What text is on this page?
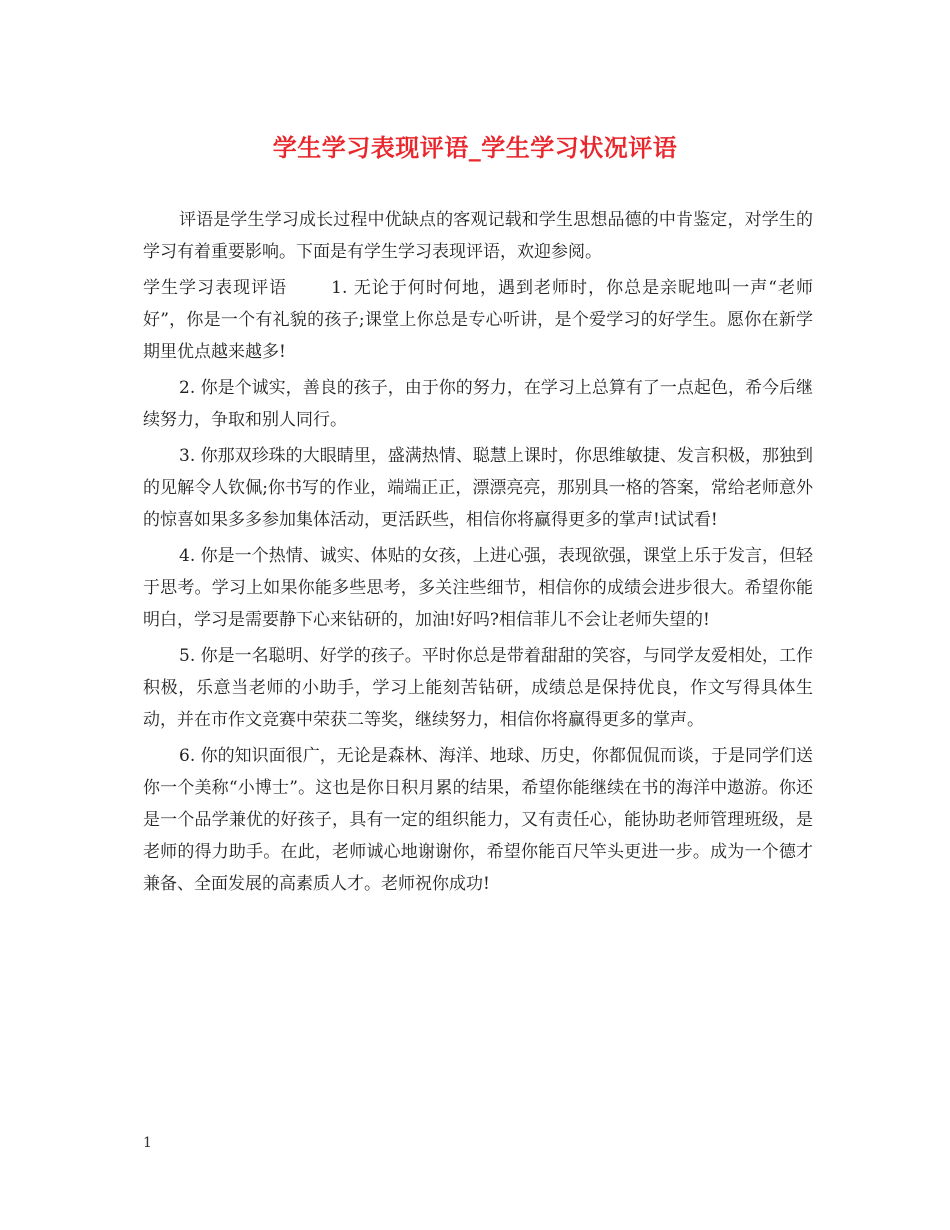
学生学习表现评语_学生学习状况评语

评语是学生学习成长过程中优缺点的客观记载和学生思想品德的中肯鉴定，对学生的学习有着重要影响。下面是有学生学习表现评语，欢迎参阅。

学生学习表现评语	1. 无论于何时何地，遇到老师时，你总是亲昵地叫一声“老师好”，你是一个有礼貌的孩子;课堂上你总是专心听讲，是个爱学习的好学生。愿你在新学期里优点越来越多!

2. 你是个诚实，善良的孩子，由于你的努力，在学习上总算有了一点起色，希今后继续努力，争取和别人同行。

3. 你那双珍珠的大眼睛里，盛满热情、聪慧上课时，你思维敏捷、发言积极，那独到的见解令人钦佩;你书写的作业，端端正正，漂漂亮亮，那别具一格的答案，常给老师意外的惊喜如果多多参加集体活动，更活跃些，相信你将赢得更多的掌声!试试看!

4. 你是一个热情、诚实、体贴的女孩，上进心强，表现欲强，课堂上乐于发言，但轻于思考。学习上如果你能多些思考，多关注些细节，相信你的成绩会进步很大。希望你能明白，学习是需要静下心来钻研的，加油!好吗?相信菲儿不会让老师失望的!

5. 你是一名聪明、好学的孩子。平时你总是带着甜甜的笑容，与同学友爱相处，工作积极，乐意当老师的小助手，学习上能刻苦钻研，成绩总是保持优良，作文写得具体生动，并在市作文竞赛中荣获二等奖，继续努力，相信你将赢得更多的掌声。

6. 你的知识面很广，无论是森林、海洋、地球、历史，你都侃侃而谈，于是同学们送你一个美称“小博士”。这也是你日积月累的结果，希望你能继续在书的海洋中遨游。你还是一个品学兼优的好孩子，具有一定的组织能力，又有责任心，能协助老师管理班级，是老师的得力助手。在此，老师诚心地谢谢你，希望你能百尺竿头更进一步。成为一个德才兼备、全面发展的高素质人才。老师祝你成功!

1
